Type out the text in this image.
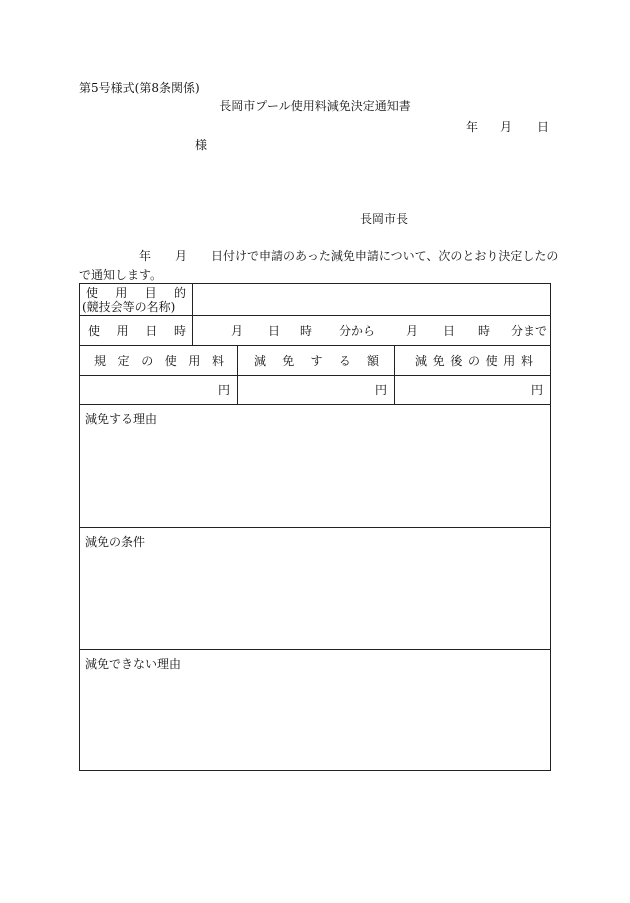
第5号様式(第8条関係)
長岡市プール使用料減免決定通知書
年 月 日
様
長岡市長
　　　　　年　　月　　日付けで申請のあった減免申請について、次のとおり決定したの
で通知します。
使 用 目 的
(競技会等の名称)
使 用 日 時	月 日 時 分から	月 日 時 分まで
規 定 の 使 用 料	減 免 す る 額	減 免 後 の 使 用 料
円	円	円
減免する理由
減免の条件
減免できない理由
